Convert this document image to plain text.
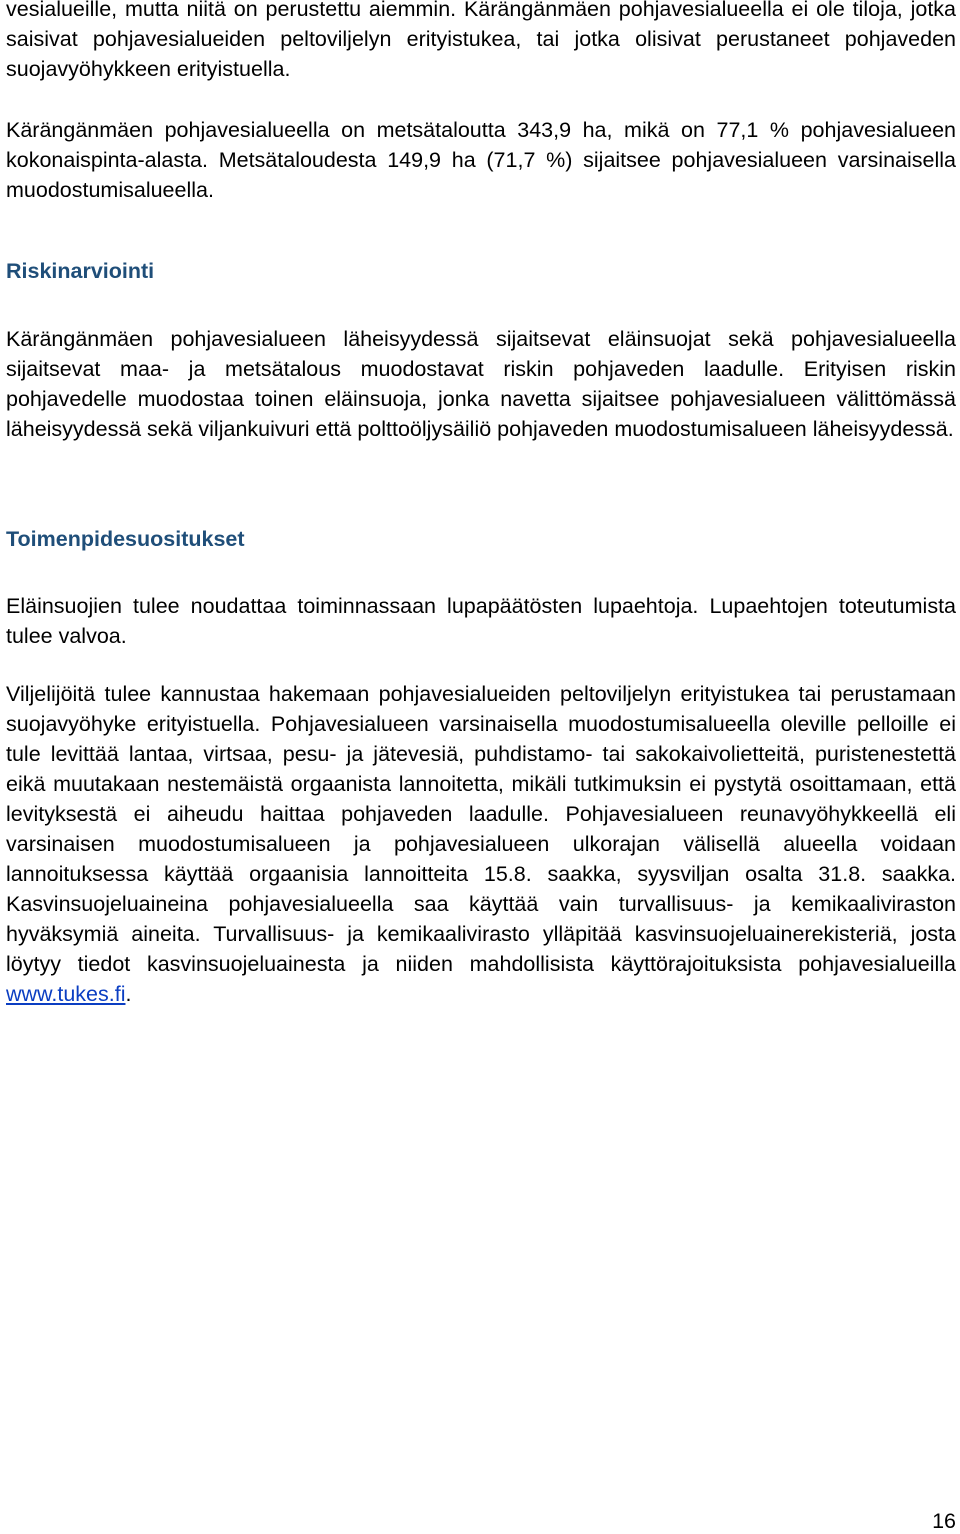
vesialueille, mutta niitä on perustettu aiemmin. Kärängänmäen pohjavesialueella ei ole tiloja, jotka saisivat pohjavesialueiden peltoviljelyn erityistukea, tai jotka olisivat perustaneet pohjaveden suojavyöhykkeen erityistuella.

Kärängänmäen pohjavesialueella on metsätaloutta 343,9 ha, mikä on 77,1 % pohjavesialueen kokonaispinta-alasta. Metsätaloudesta 149,9 ha (71,7 %) sijaitsee pohjavesialueen varsinaisella muodostumisalueella.

Riskinarviointi

Kärängänmäen pohjavesialueen läheisyydessä sijaitsevat eläinsuojat sekä pohjavesialueella sijaitsevat maa- ja metsätalous muodostavat riskin pohjaveden laadulle. Erityisen riskin pohjavedelle muodostaa toinen eläinsuoja, jonka navetta sijaitsee pohjavesialueen välittömässä läheisyydessä sekä viljankuivuri että polttoöljysäiliö pohjaveden muodostumisalueen läheisyydessä.

Toimenpidesuositukset

Eläinsuojien tulee noudattaa toiminnassaan lupapäätösten lupaehtoja. Lupaehtojen toteutumista tulee valvoa.

Viljelijöitä tulee kannustaa hakemaan pohjavesialueiden peltoviljelyn erityistukea tai perustamaan suojavyöhyke erityistuella. Pohjavesialueen varsinaisella muodostumisalueella oleville pelloille ei tule levittää lantaa, virtsaa, pesu- ja jätevesiä, puhdistamo- tai sakokaivolietteitä, puristenestettä eikä muutakaan nestemäistä orgaanista lannoitetta, mikäli tutkimuksin ei pystytä osoittamaan, että levityksestä ei aiheudu haittaa pohjaveden laadulle. Pohjavesialueen reunavyöhykkeellä eli varsinaisen muodostumisalueen ja pohjavesialueen ulkorajan välisellä alueella voidaan lannoituksessa käyttää orgaanisia lannoitteita 15.8. saakka, syysviljan osalta 31.8. saakka. Kasvinsuojeluaineina pohjavesialueella saa käyttää vain turvallisuus- ja kemikaaliviraston hyväksymiä aineita. Turvallisuus- ja kemikaalivirasto ylläpitää kasvinsuojeluainerekisteriä, josta löytyy tiedot kasvinsuojeluainesta ja niiden mahdollisista käyttörajoituksista pohjavesialueilla www.tukes.fi.

16
